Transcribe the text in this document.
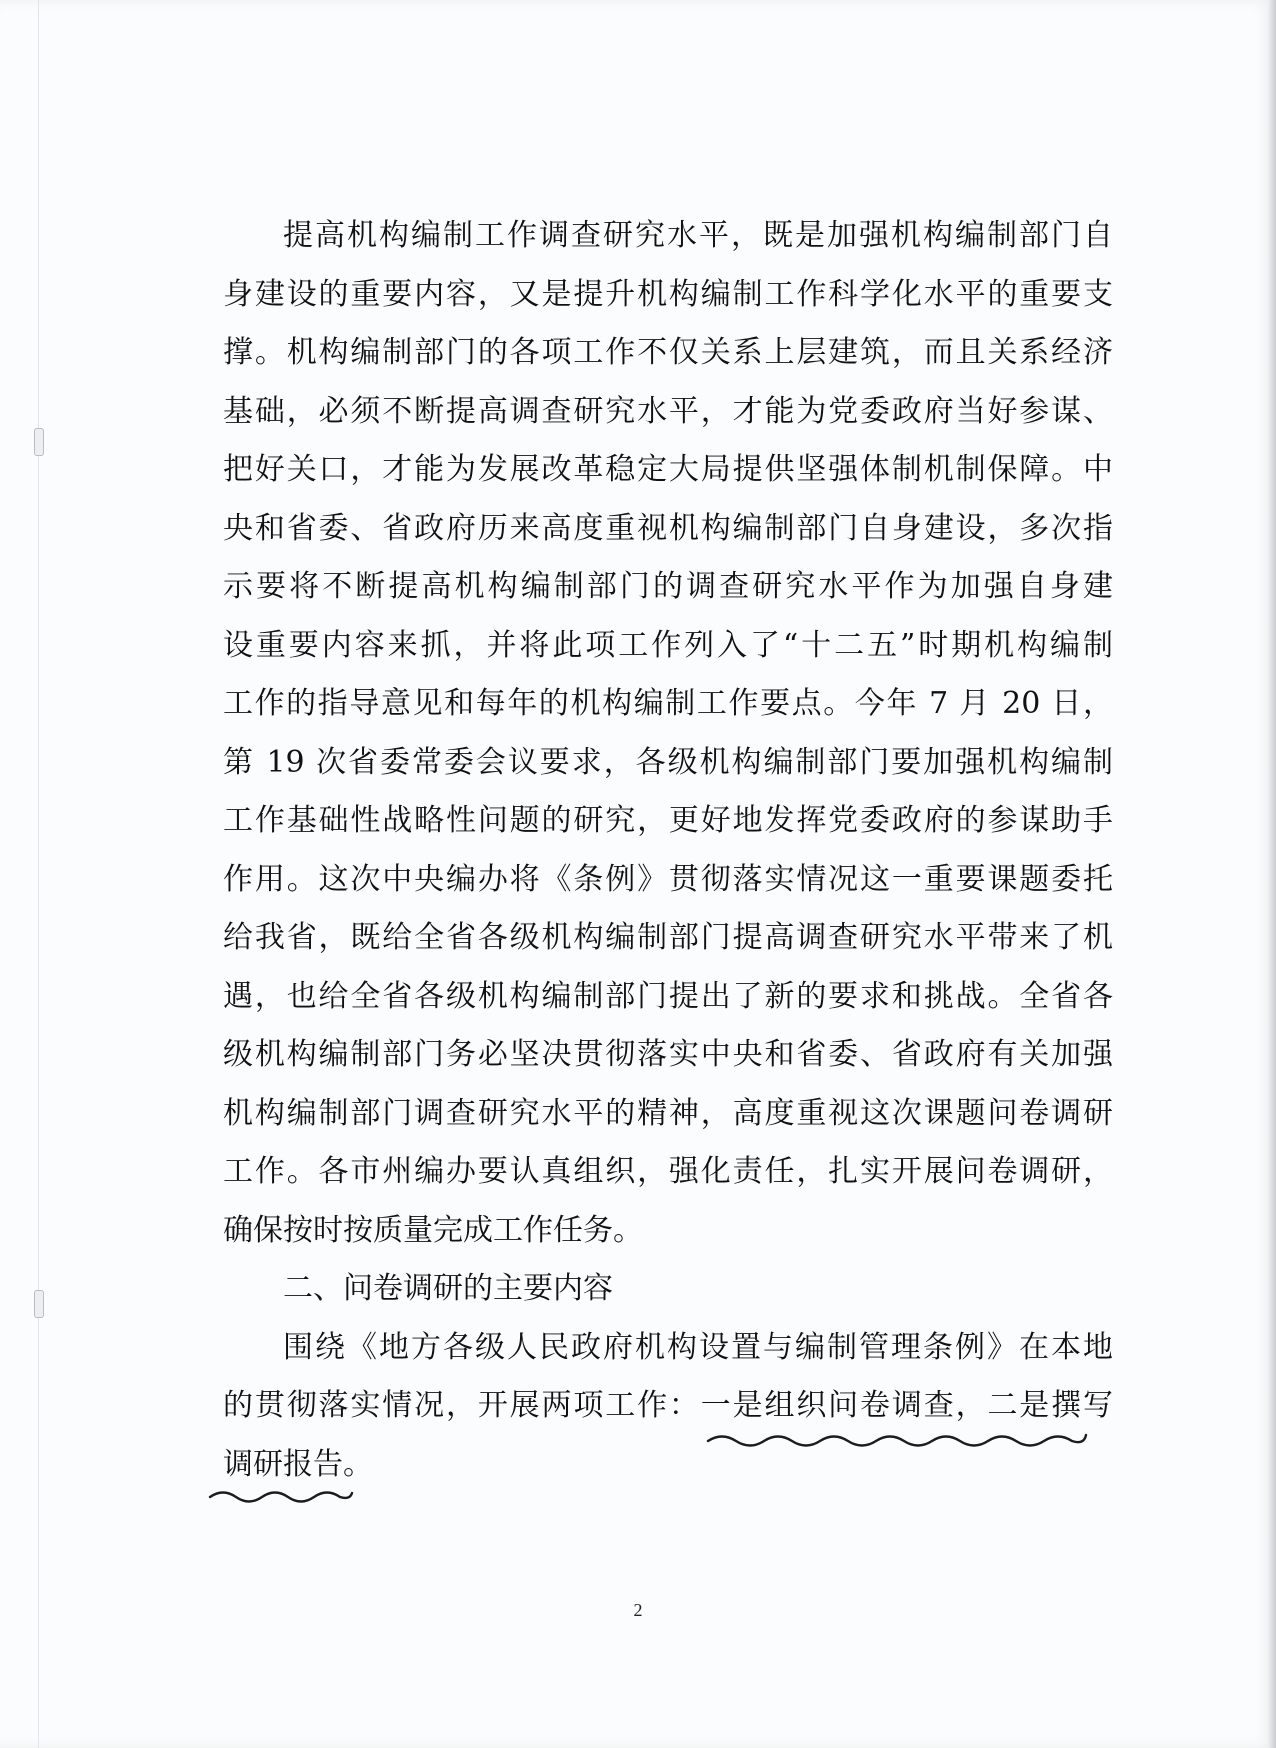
提高机构编制工作调查研究水平，既是加强机构编制部门自
身建设的重要内容，又是提升机构编制工作科学化水平的重要支
撑。机构编制部门的各项工作不仅关系上层建筑，而且关系经济
基础，必须不断提高调查研究水平，才能为党委政府当好参谋、
把好关口，才能为发展改革稳定大局提供坚强体制机制保障。中
央和省委、省政府历来高度重视机构编制部门自身建设，多次指
示要将不断提高机构编制部门的调查研究水平作为加强自身建
设重要内容来抓，并将此项工作列入了“十二五”时期机构编制
工作的指导意见和每年的机构编制工作要点。今年 7 月 20 日，
第 19 次省委常委会议要求，各级机构编制部门要加强机构编制
工作基础性战略性问题的研究，更好地发挥党委政府的参谋助手
作用。这次中央编办将《条例》贯彻落实情况这一重要课题委托
给我省，既给全省各级机构编制部门提高调查研究水平带来了机
遇，也给全省各级机构编制部门提出了新的要求和挑战。全省各
级机构编制部门务必坚决贯彻落实中央和省委、省政府有关加强
机构编制部门调查研究水平的精神，高度重视这次课题问卷调研
工作。各市州编办要认真组织，强化责任，扎实开展问卷调研，
确保按时按质量完成工作任务。
二、问卷调研的主要内容
围绕《地方各级人民政府机构设置与编制管理条例》在本地
的贯彻落实情况，开展两项工作：一是组织问卷调查，二是撰写
调研报告。
2
